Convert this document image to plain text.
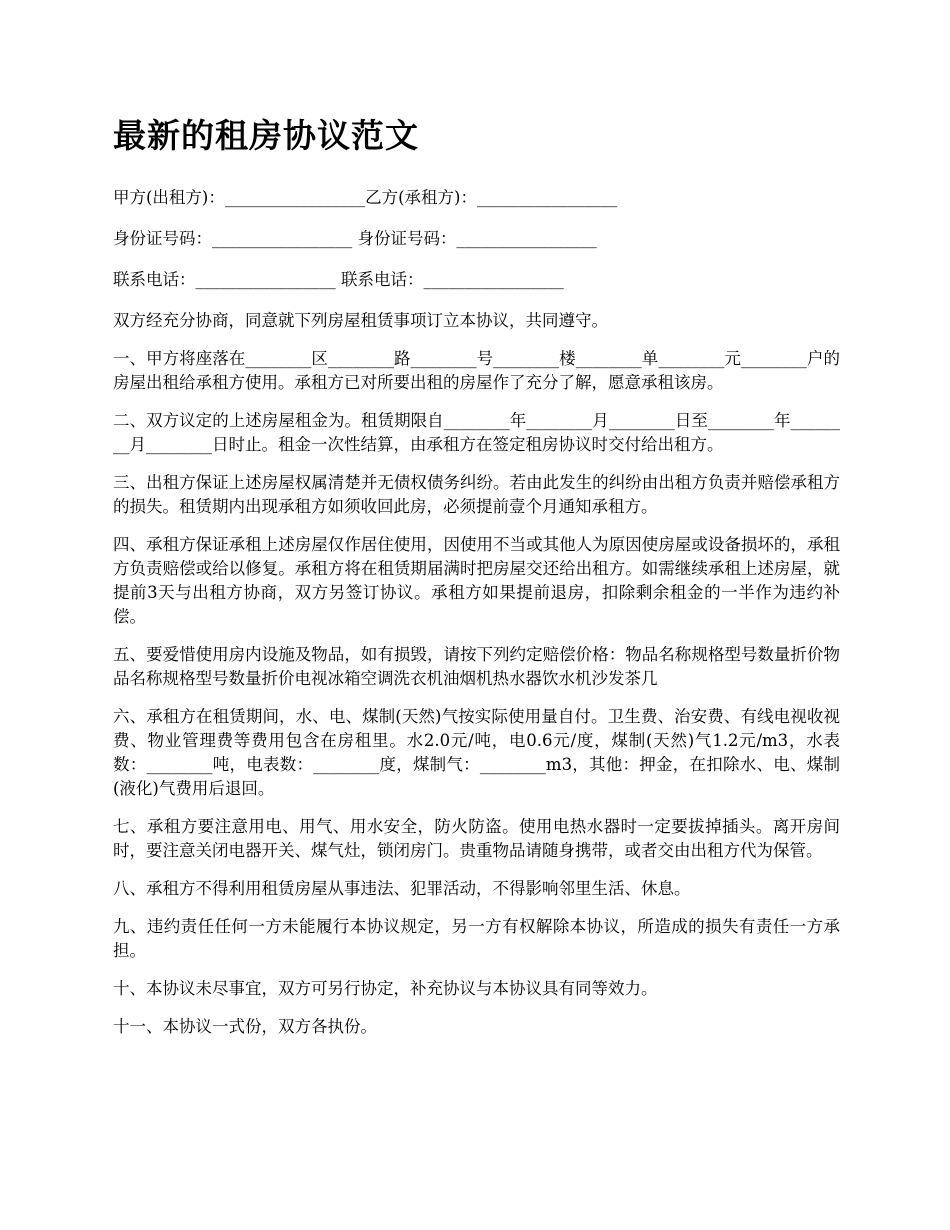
最新的租房协议范文

甲方(出租方)：_________________乙方(承租方)：_________________

身份证号码：_________________ 身份证号码：_________________

联系电话：_________________ 联系电话：_________________

双方经充分协商，同意就下列房屋租赁事项订立本协议，共同遵守。

一、甲方将座落在________区________路________号________楼________单________元________户的房屋出租给承租方使用。承租方已对所要出租的房屋作了充分了解，愿意承租该房。

二、双方议定的上述房屋租金为。租赁期限自________年________月________日至________年________月________日时止。租金一次性结算，由承租方在签定租房协议时交付给出租方。

三、出租方保证上述房屋权属清楚并无债权债务纠纷。若由此发生的纠纷由出租方负责并赔偿承租方的损失。租赁期内出现承租方如须收回此房，必须提前壹个月通知承租方。

四、承租方保证承租上述房屋仅作居住使用，因使用不当或其他人为原因使房屋或设备损坏的，承租方负责赔偿或给以修复。承租方将在租赁期届满时把房屋交还给出租方。如需继续承租上述房屋，就提前3天与出租方协商，双方另签订协议。承租方如果提前退房，扣除剩余租金的一半作为违约补偿。

五、要爱惜使用房内设施及物品，如有损毁，请按下列约定赔偿价格：物品名称规格型号数量折价物品名称规格型号数量折价电视冰箱空调洗衣机油烟机热水器饮水机沙发茶几

六、承租方在租赁期间，水、电、煤制(天然)气按实际使用量自付。卫生费、治安费、有线电视收视费、物业管理费等费用包含在房租里。水2.0元/吨，电0.6元/度，煤制(天然)气1.2元/m3，水表数：________吨，电表数：________度，煤制气：________m3，其他：押金，在扣除水、电、煤制(液化)气费用后退回。

七、承租方要注意用电、用气、用水安全，防火防盗。使用电热水器时一定要拔掉插头。离开房间时，要注意关闭电器开关、煤气灶，锁闭房门。贵重物品请随身携带，或者交由出租方代为保管。

八、承租方不得利用租赁房屋从事违法、犯罪活动，不得影响邻里生活、休息。

九、违约责任任何一方未能履行本协议规定，另一方有权解除本协议，所造成的损失有责任一方承担。

十、本协议未尽事宜，双方可另行协定，补充协议与本协议具有同等效力。

十一、本协议一式份，双方各执份。
